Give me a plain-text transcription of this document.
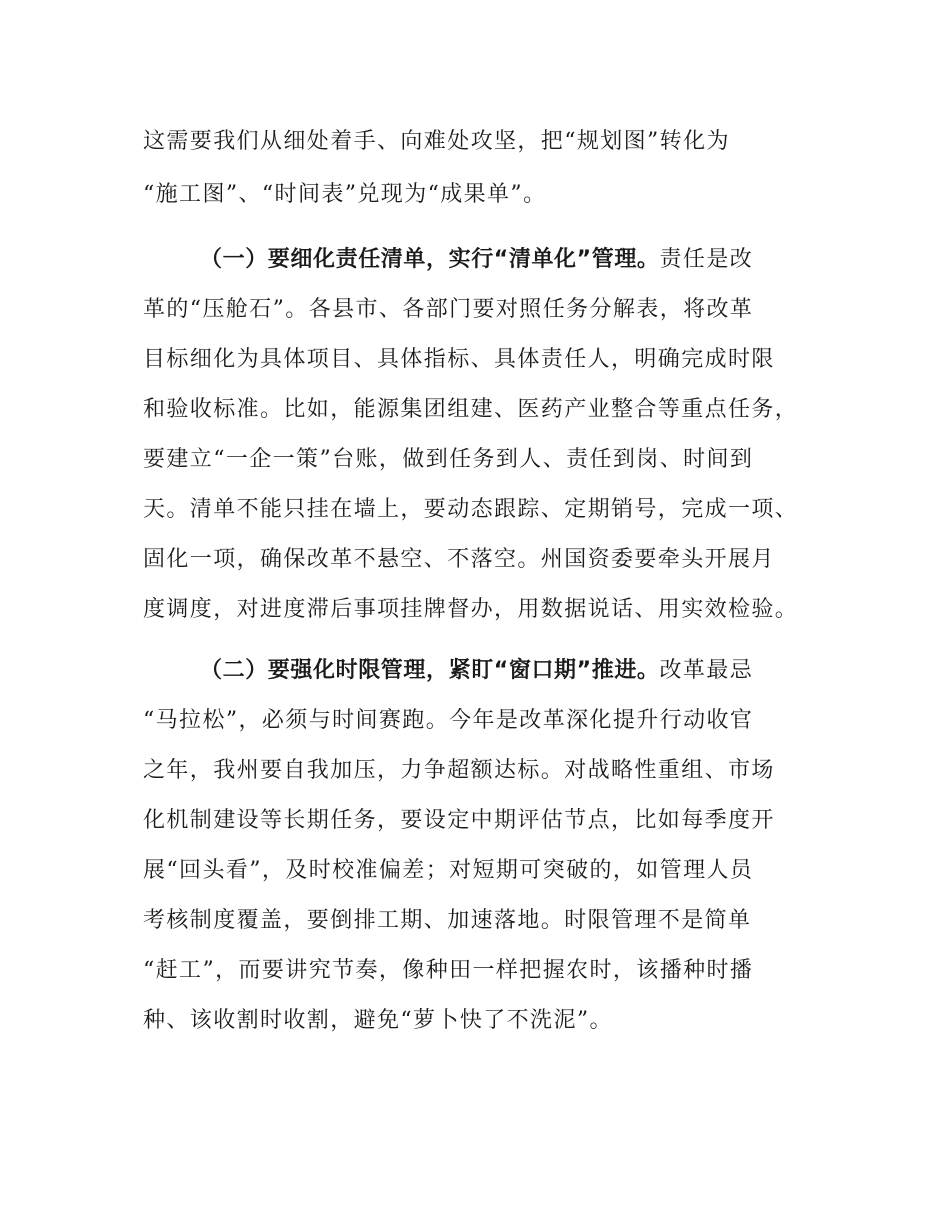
这需要我们从细处着手、向难处攻坚，把“规划图”转化为
“施工图”、“时间表”兑现为“成果单”。
（一）要细化责任清单，实行“清单化”管理。责任是改
革的“压舱石”。各县市、各部门要对照任务分解表，将改革
目标细化为具体项目、具体指标、具体责任人，明确完成时限
和验收标准。比如，能源集团组建、医药产业整合等重点任务，
要建立“一企一策”台账，做到任务到人、责任到岗、时间到
天。清单不能只挂在墙上，要动态跟踪、定期销号，完成一项、
固化一项，确保改革不悬空、不落空。州国资委要牵头开展月
度调度，对进度滞后事项挂牌督办，用数据说话、用实效检验。
（二）要强化时限管理，紧盯“窗口期”推进。改革最忌
“马拉松”，必须与时间赛跑。今年是改革深化提升行动收官
之年，我州要自我加压，力争超额达标。对战略性重组、市场
化机制建设等长期任务，要设定中期评估节点，比如每季度开
展“回头看”，及时校准偏差；对短期可突破的，如管理人员
考核制度覆盖，要倒排工期、加速落地。时限管理不是简单
“赶工”，而要讲究节奏，像种田一样把握农时，该播种时播
种、该收割时收割，避免“萝卜快了不洗泥”。
